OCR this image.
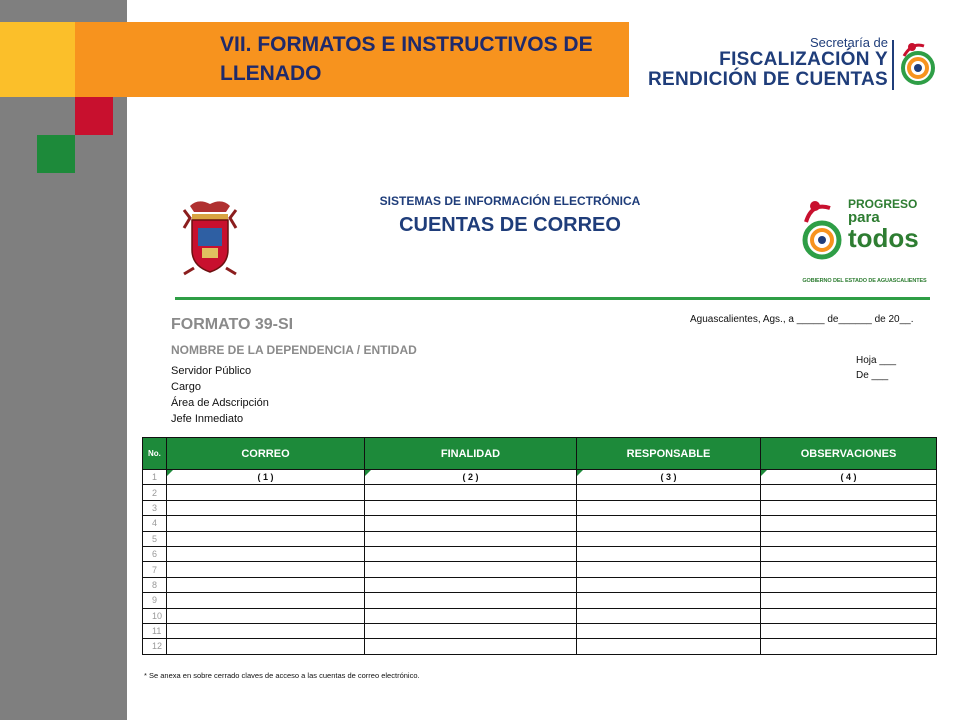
VII. FORMATOS E INSTRUCTIVOS DE LLENADO
Secretaría de
FISCALIZACIÓN Y
RENDICIÓN DE CUENTAS
SISTEMAS DE INFORMACIÓN ELECTRÓNICA
CUENTAS DE CORREO
PROGRESO
para
todos
GOBIERNO DEL ESTADO DE AGUASCALIENTES
FORMATO 39-SI
NOMBRE DE LA DEPENDENCIA / ENTIDAD
Servidor Público
Cargo
Área de Adscripción
Jefe Inmediato
Aguascalientes, Ags., a _____ de______ de 20__.
Hoja ___
De ___
No.	CORREO	FINALIDAD	RESPONSABLE	OBSERVACIONES
1	( 1 )	( 2 )	( 3 )	( 4 )
2				
3				
4				
5				
6				
7				
8				
9				
10				
11				
12				
* Se anexa en sobre cerrado claves de acceso a las cuentas de correo electrónico.
